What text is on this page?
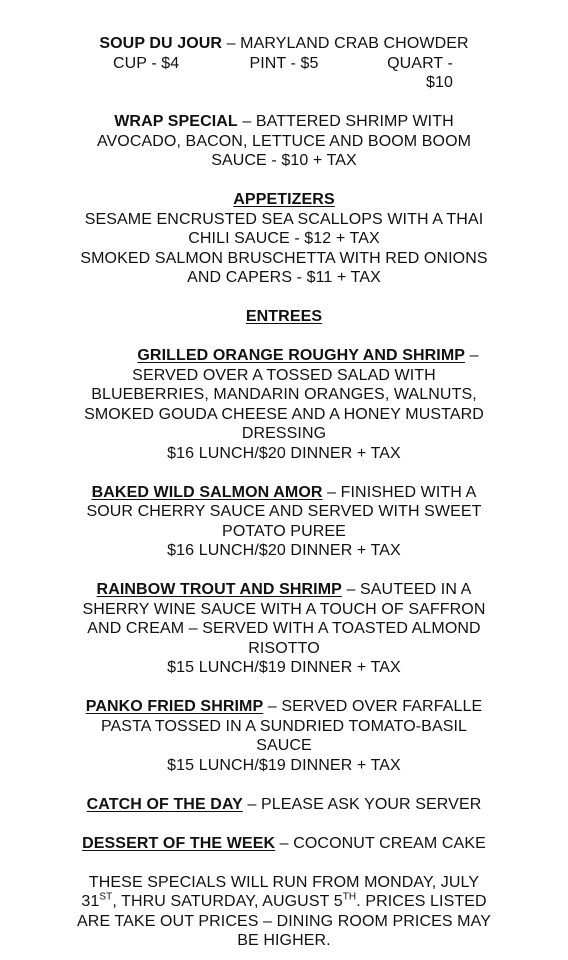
SOUP DU JOUR – MARYLAND CRAB CHOWDER
CUP - $4	PINT - $5	QUART - $10
WRAP SPECIAL – BATTERED SHRIMP WITH
AVOCADO, BACON, LETTUCE AND BOOM BOOM
SAUCE - $10 + TAX
APPETIZERS
SESAME ENCRUSTED SEA SCALLOPS WITH A THAI
CHILI SAUCE - $12 + TAX
SMOKED SALMON BRUSCHETTA WITH RED ONIONS
AND CAPERS - $11 + TAX
ENTREES
GRILLED ORANGE ROUGHY AND SHRIMP –
SERVED OVER A TOSSED SALAD WITH
BLUEBERRIES, MANDARIN ORANGES, WALNUTS,
SMOKED GOUDA CHEESE AND A HONEY MUSTARD
DRESSING
$16 LUNCH/$20 DINNER + TAX
BAKED WILD SALMON AMOR – FINISHED WITH A
SOUR CHERRY SAUCE AND SERVED WITH SWEET
POTATO PUREE
$16 LUNCH/$20 DINNER + TAX
RAINBOW TROUT AND SHRIMP – SAUTEED IN A
SHERRY WINE SAUCE WITH A TOUCH OF SAFFRON
AND CREAM – SERVED WITH A TOASTED ALMOND
RISOTTO
$15 LUNCH/$19 DINNER + TAX
PANKO FRIED SHRIMP – SERVED OVER FARFALLE
PASTA TOSSED IN A SUNDRIED TOMATO-BASIL
SAUCE
$15 LUNCH/$19 DINNER + TAX
CATCH OF THE DAY – PLEASE ASK YOUR SERVER
DESSERT OF THE WEEK – COCONUT CREAM CAKE
THESE SPECIALS WILL RUN FROM MONDAY, JULY
31ST, THRU SATURDAY, AUGUST 5TH. PRICES LISTED
ARE TAKE OUT PRICES – DINING ROOM PRICES MAY
BE HIGHER.
